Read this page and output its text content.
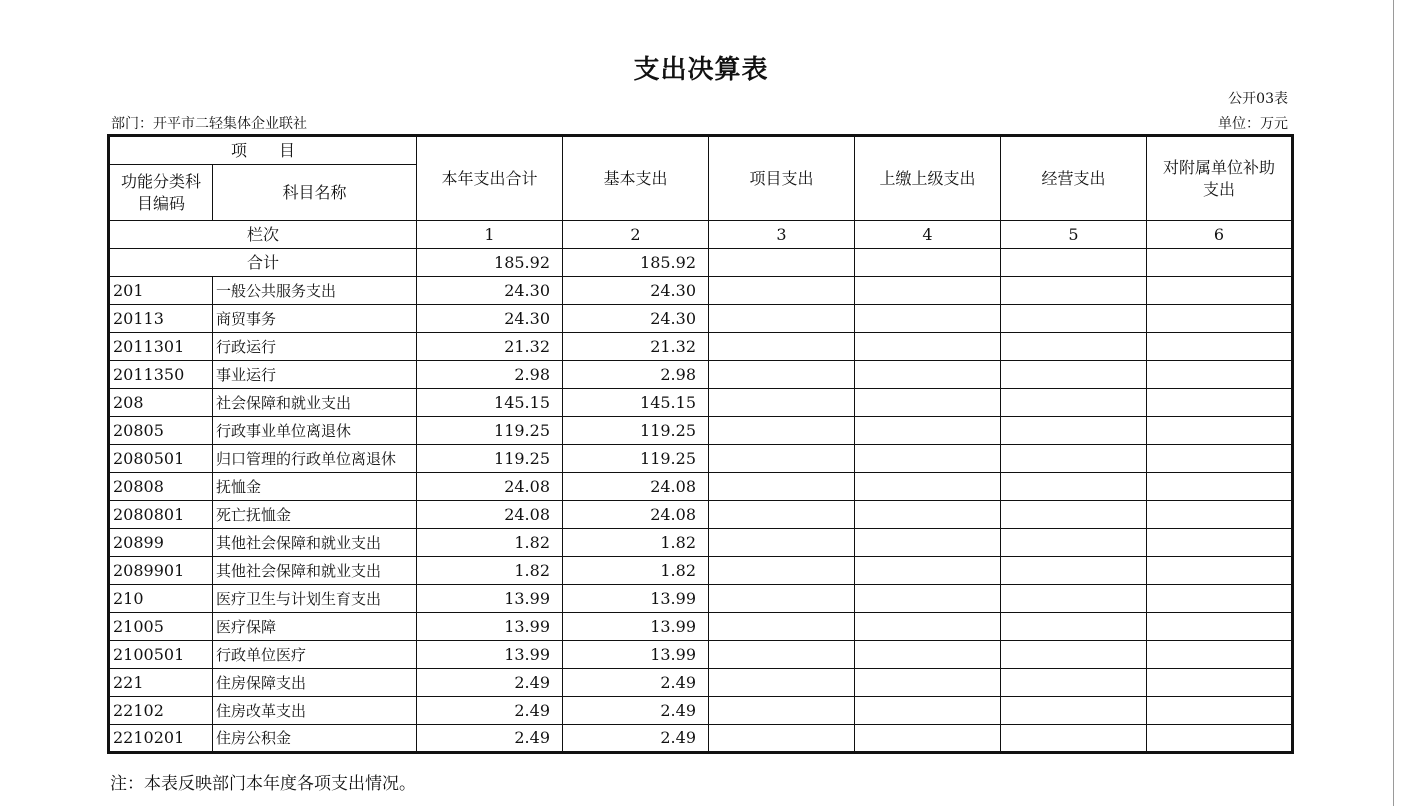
支出决算表
公开03表
部门：开平市二轻集体企业联社	单位：万元
项　　目		本年支出合计	基本支出	项目支出	上缴上级支出	经营支出	对附属单位补助支出
功能分类科目编码	科目名称						
栏次		1	2	3	4	5	6
合计		185.92	185.92				
201	一般公共服务支出	24.30	24.30				
20113	商贸事务	24.30	24.30				
2011301	行政运行	21.32	21.32				
2011350	事业运行	2.98	2.98				
208	社会保障和就业支出	145.15	145.15				
20805	行政事业单位离退休	119.25	119.25				
2080501	归口管理的行政单位离退休	119.25	119.25				
20808	抚恤金	24.08	24.08				
2080801	死亡抚恤金	24.08	24.08				
20899	其他社会保障和就业支出	1.82	1.82				
2089901	其他社会保障和就业支出	1.82	1.82				
210	医疗卫生与计划生育支出	13.99	13.99				
21005	医疗保障	13.99	13.99				
2100501	行政单位医疗	13.99	13.99				
221	住房保障支出	2.49	2.49				
22102	住房改革支出	2.49	2.49				
2210201	住房公积金	2.49	2.49				
注：本表反映部门本年度各项支出情况。
